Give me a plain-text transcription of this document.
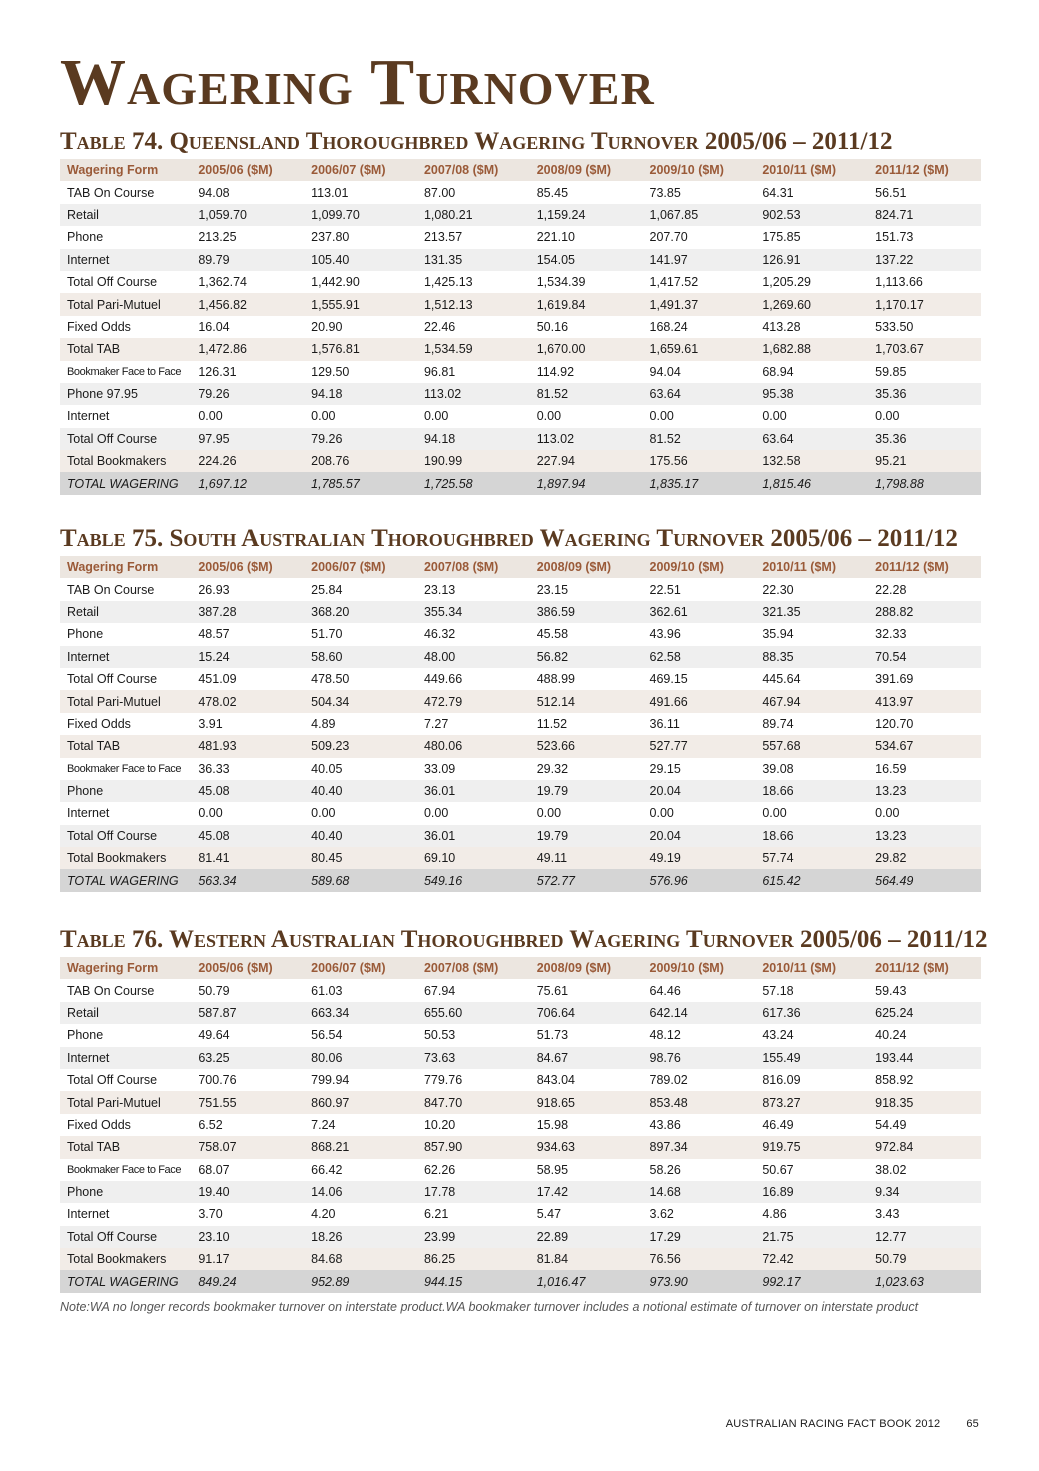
Wagering Turnover
Table 74. Queensland Thoroughbred Wagering Turnover 2005/06 – 2011/12
Wagering Form	2005/06 ($M)	2006/07 ($M)	2007/08 ($M)	2008/09 ($M)	2009/10 ($M)	2010/11 ($M)	2011/12 ($M)
TAB On Course	94.08	113.01	87.00	85.45	73.85	64.31	56.51
Retail	1,059.70	1,099.70	1,080.21	1,159.24	1,067.85	902.53	824.71
Phone	213.25	237.80	213.57	221.10	207.70	175.85	151.73
Internet	89.79	105.40	131.35	154.05	141.97	126.91	137.22
Total Off Course	1,362.74	1,442.90	1,425.13	1,534.39	1,417.52	1,205.29	1,113.66
Total Pari-Mutuel	1,456.82	1,555.91	1,512.13	1,619.84	1,491.37	1,269.60	1,170.17
Fixed Odds	16.04	20.90	22.46	50.16	168.24	413.28	533.50
Total TAB	1,472.86	1,576.81	1,534.59	1,670.00	1,659.61	1,682.88	1,703.67
Bookmaker Face to Face	126.31	129.50	96.81	114.92	94.04	68.94	59.85
Phone 97.95	79.26	94.18	113.02	81.52	63.64	95.38	35.36
Internet	0.00	0.00	0.00	0.00	0.00	0.00	0.00
Total Off Course	97.95	79.26	94.18	113.02	81.52	63.64	35.36
Total Bookmakers	224.26	208.76	190.99	227.94	175.56	132.58	95.21
TOTAL WAGERING	1,697.12	1,785.57	1,725.58	1,897.94	1,835.17	1,815.46	1,798.88
Table 75. South Australian Thoroughbred Wagering Turnover 2005/06 – 2011/12
Wagering Form	2005/06 ($M)	2006/07 ($M)	2007/08 ($M)	2008/09 ($M)	2009/10 ($M)	2010/11 ($M)	2011/12 ($M)
TAB On Course	26.93	25.84	23.13	23.15	22.51	22.30	22.28
Retail	387.28	368.20	355.34	386.59	362.61	321.35	288.82
Phone	48.57	51.70	46.32	45.58	43.96	35.94	32.33
Internet	15.24	58.60	48.00	56.82	62.58	88.35	70.54
Total Off Course	451.09	478.50	449.66	488.99	469.15	445.64	391.69
Total Pari-Mutuel	478.02	504.34	472.79	512.14	491.66	467.94	413.97
Fixed Odds	3.91	4.89	7.27	11.52	36.11	89.74	120.70
Total TAB	481.93	509.23	480.06	523.66	527.77	557.68	534.67
Bookmaker Face to Face	36.33	40.05	33.09	29.32	29.15	39.08	16.59
Phone	45.08	40.40	36.01	19.79	20.04	18.66	13.23
Internet	0.00	0.00	0.00	0.00	0.00	0.00	0.00
Total Off Course	45.08	40.40	36.01	19.79	20.04	18.66	13.23
Total Bookmakers	81.41	80.45	69.10	49.11	49.19	57.74	29.82
TOTAL WAGERING	563.34	589.68	549.16	572.77	576.96	615.42	564.49
Table 76. Western Australian Thoroughbred Wagering Turnover 2005/06 – 2011/12
Wagering Form	2005/06 ($M)	2006/07 ($M)	2007/08 ($M)	2008/09 ($M)	2009/10 ($M)	2010/11 ($M)	2011/12 ($M)
TAB On Course	50.79	61.03	67.94	75.61	64.46	57.18	59.43
Retail	587.87	663.34	655.60	706.64	642.14	617.36	625.24
Phone	49.64	56.54	50.53	51.73	48.12	43.24	40.24
Internet	63.25	80.06	73.63	84.67	98.76	155.49	193.44
Total Off Course	700.76	799.94	779.76	843.04	789.02	816.09	858.92
Total Pari-Mutuel	751.55	860.97	847.70	918.65	853.48	873.27	918.35
Fixed Odds	6.52	7.24	10.20	15.98	43.86	46.49	54.49
Total TAB	758.07	868.21	857.90	934.63	897.34	919.75	972.84
Bookmaker Face to Face	68.07	66.42	62.26	58.95	58.26	50.67	38.02
Phone	19.40	14.06	17.78	17.42	14.68	16.89	9.34
Internet	3.70	4.20	6.21	5.47	3.62	4.86	3.43
Total Off Course	23.10	18.26	23.99	22.89	17.29	21.75	12.77
Total Bookmakers	91.17	84.68	86.25	81.84	76.56	72.42	50.79
TOTAL WAGERING	849.24	952.89	944.15	1,016.47	973.90	992.17	1,023.63

Note:WA no longer records bookmaker turnover on interstate product.WA bookmaker turnover includes a notional estimate of turnover on interstate product

AUSTRALIAN RACING FACT BOOK 2012 65
